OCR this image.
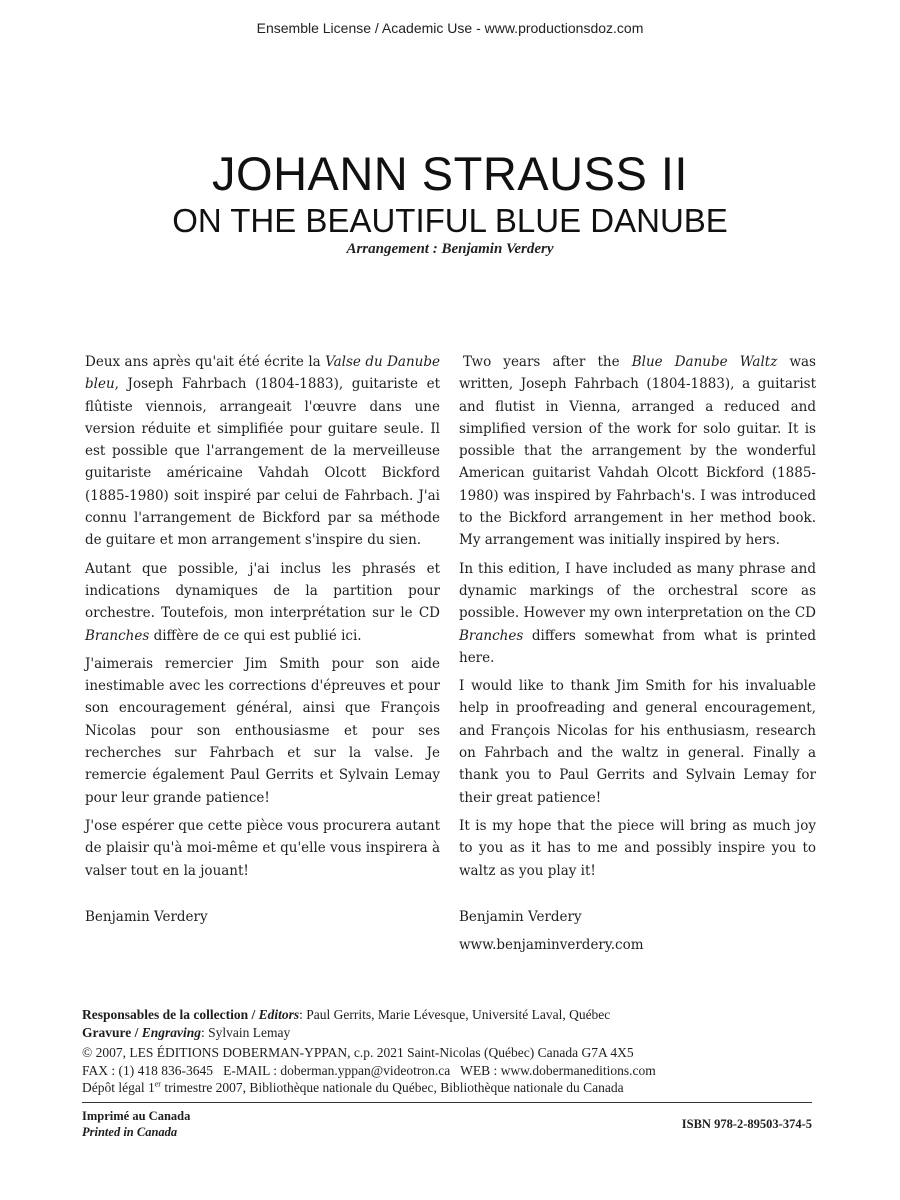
Ensemble License / Academic Use - www.productionsdoz.com
JOHANN STRAUSS II
ON THE BEAUTIFUL BLUE DANUBE
Arrangement : Benjamin Verdery

Deux ans après qu'ait été écrite la Valse du Danube bleu, Joseph Fahrbach (1804-1883), guitariste et flûtiste viennois, arrangeait l'œuvre dans une version réduite et simplifiée pour guitare seule. Il est possible que l'arrangement de la merveilleuse guitariste américaine Vahdah Olcott Bickford (1885-1980) soit inspiré par celui de Fahrbach. J'ai connu l'arrangement de Bickford par sa méthode de guitare et mon arrangement s'inspire du sien.

Autant que possible, j'ai inclus les phrasés et indications dynamiques de la partition pour orchestre. Toutefois, mon interprétation sur le CD Branches diffère de ce qui est publié ici.

J'aimerais remercier Jim Smith pour son aide inestimable avec les corrections d'épreuves et pour son encouragement général, ainsi que François Nicolas pour son enthousiasme et pour ses recherches sur Fahrbach et sur la valse. Je remercie également Paul Gerrits et Sylvain Lemay pour leur grande patience!

J'ose espérer que cette pièce vous procurera autant de plaisir qu'à moi-même et qu'elle vous inspirera à valser tout en la jouant!

Benjamin Verdery

Two years after the Blue Danube Waltz was written, Joseph Fahrbach (1804-1883), a guitarist and flutist in Vienna, arranged a reduced and simplified version of the work for solo guitar. It is possible that the arrangement by the wonderful American guitarist Vahdah Olcott Bickford (1885-1980) was inspired by Fahrbach's. I was introduced to the Bickford arrangement in her method book. My arrangement was initially inspired by hers.

In this edition, I have included as many phrase and dynamic markings of the orchestral score as possible. However my own interpretation on the CD Branches differs somewhat from what is printed here.

I would like to thank Jim Smith for his invaluable help in proofreading and general encouragement, and François Nicolas for his enthusiasm, research on Fahrbach and the waltz in general. Finally a thank you to Paul Gerrits and Sylvain Lemay for their great patience!

It is my hope that the piece will bring as much joy to you as it has to me and possibly inspire you to waltz as you play it!

Benjamin Verdery

www.benjaminverdery.com

Responsables de la collection / Editors: Paul Gerrits, Marie Lévesque, Université Laval, Québec
Gravure / Engraving: Sylvain Lemay
© 2007, LES ÉDITIONS DOBERMAN-YPPAN, c.p. 2021 Saint-Nicolas (Québec) Canada G7A 4X5
FAX : (1) 418 836-3645   E-MAIL : doberman.yppan@videotron.ca   WEB : www.dobermaneditions.com
Dépôt légal 1er trimestre 2007, Bibliothèque nationale du Québec, Bibliothèque nationale du Canada
Imprimé au Canada
Printed in Canada
ISBN 978-2-89503-374-5
